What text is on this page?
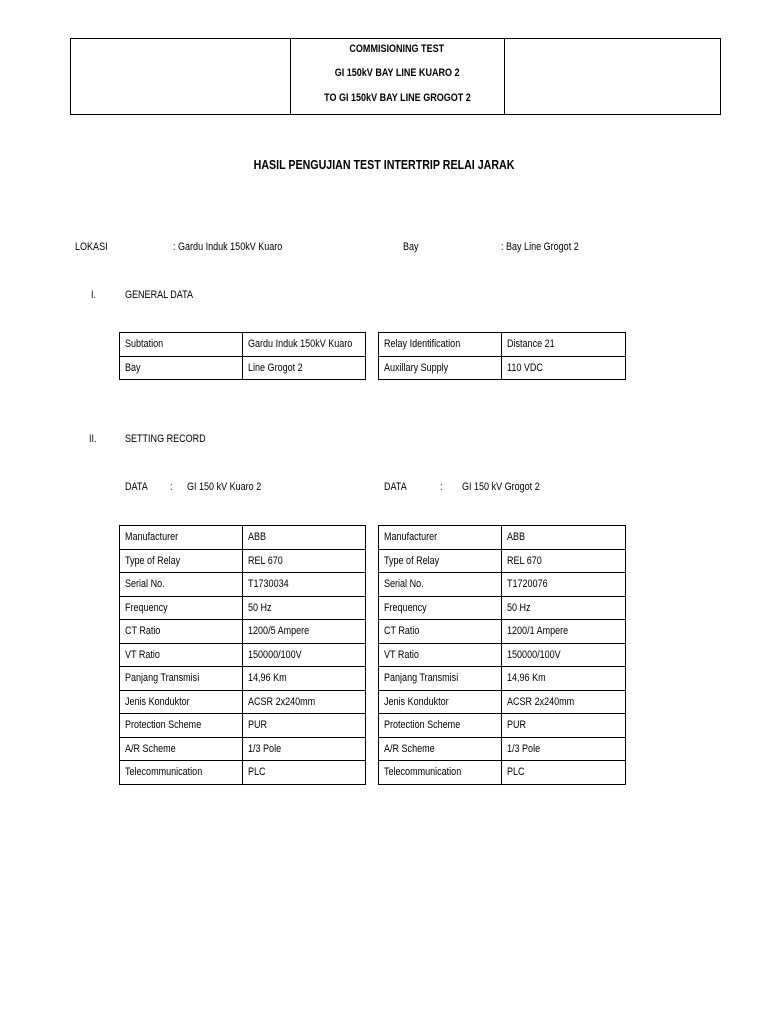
COMMISIONING TEST
GI 150kV BAY LINE KUARO 2
TO GI 150kV BAY LINE GROGOT 2
HASIL PENGUJIAN TEST INTERTRIP RELAI JARAK
LOKASI	: Gardu Induk 150kV Kuaro	Bay	: Bay Line Grogot 2
I.	GENERAL DATA
Subtation	Gardu Induk 150kV Kuaro
Bay	Line Grogot 2
Relay Identification	Distance 21
Auxillary Supply	110 VDC
II.	SETTING RECORD
DATA	: GI 150 kV Kuaro 2	DATA	: GI 150 kV Grogot 2
Manufacturer	ABB
Type of Relay	REL 670
Serial No.	T1730034
Frequency	50 Hz
CT Ratio	1200/5 Ampere
VT Ratio	150000/100V
Panjang Transmisi	14,96 Km
Jenis Konduktor	ACSR 2x240mm
Protection Scheme	PUR
A/R Scheme	1/3 Pole
Telecommunication	PLC
Manufacturer	ABB
Type of Relay	REL 670
Serial No.	T1720076
Frequency	50 Hz
CT Ratio	1200/1 Ampere
VT Ratio	150000/100V
Panjang Transmisi	14,96 Km
Jenis Konduktor	ACSR 2x240mm
Protection Scheme	PUR
A/R Scheme	1/3 Pole
Telecommunication	PLC
